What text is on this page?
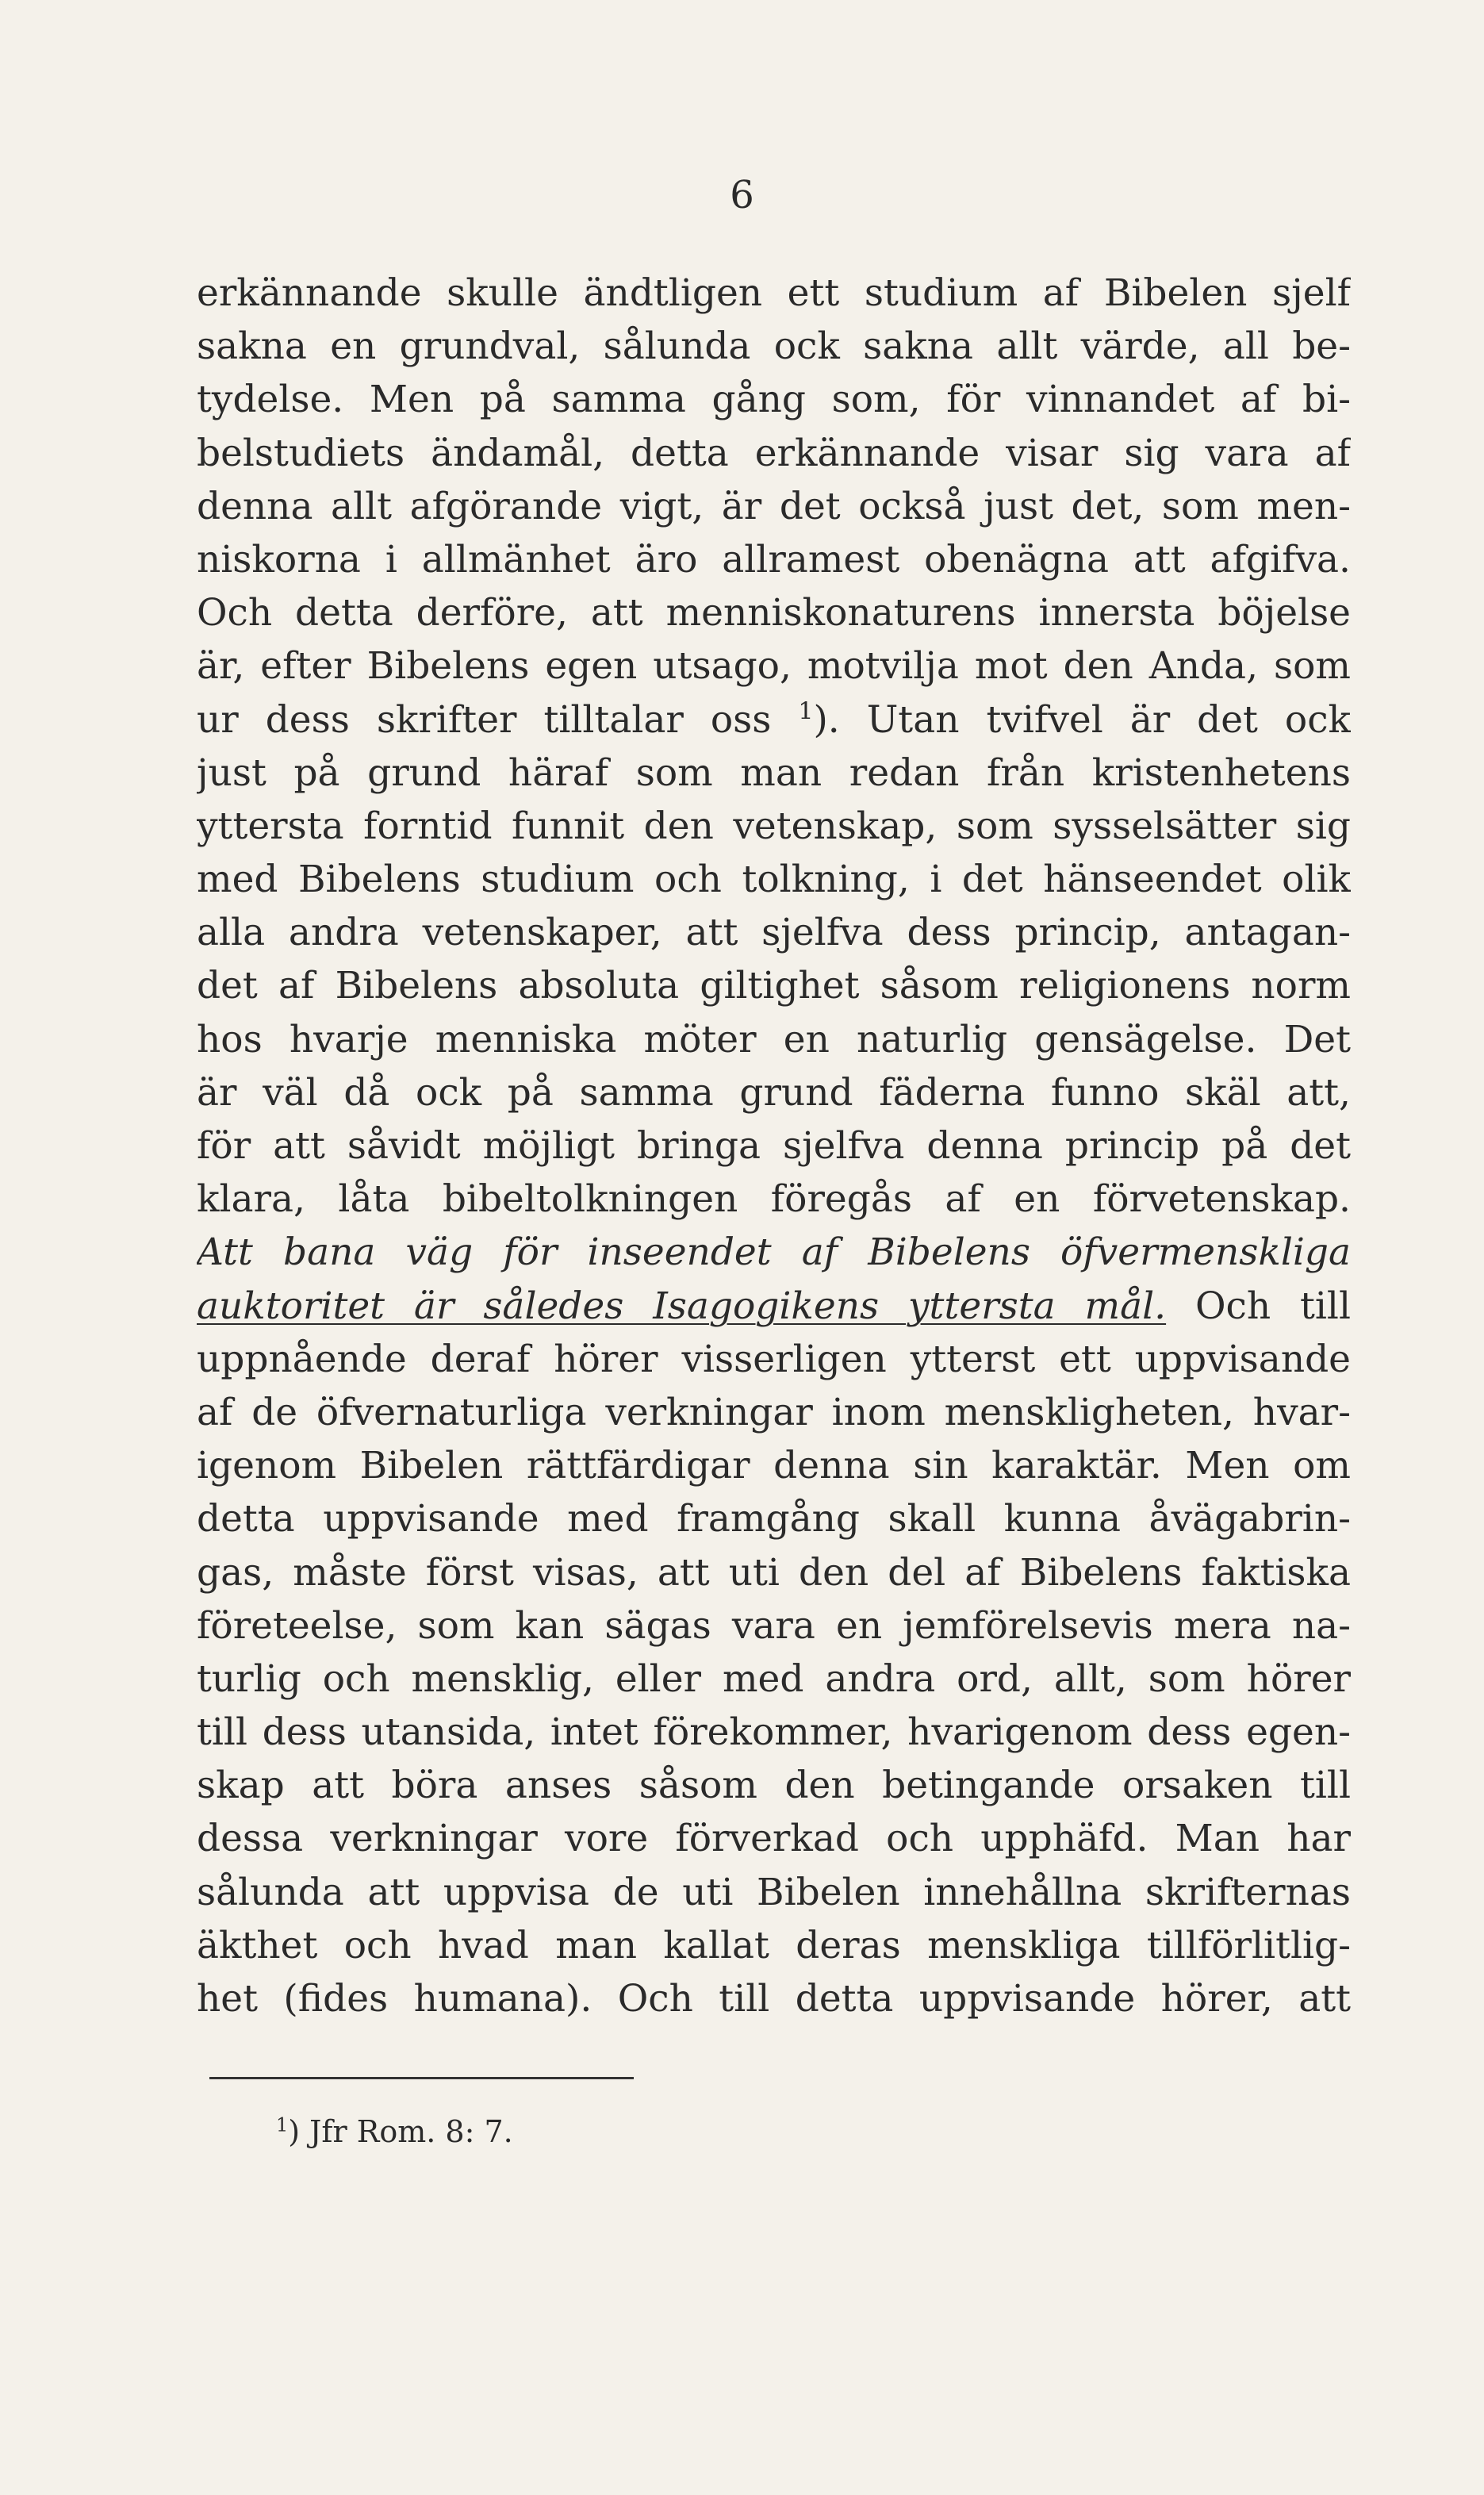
6
erkännande skulle ändtligen ett studium af Bibelen sjelf
sakna en grundval, sålunda ock sakna allt värde, all be-
tydelse. Men på samma gång som, för vinnandet af bi-
belstudiets ändamål, detta erkännande visar sig vara af
denna allt afgörande vigt, är det också just det, som men-
niskorna i allmänhet äro allramest obenägna att afgifva.
Och detta derföre, att menniskonaturens innersta böjelse
är, efter Bibelens egen utsago, motvilja mot den Anda, som
ur dess skrifter tilltalar oss $^1$). Utan tvifvel är det ock
just på grund häraf som man redan från kristenhetens
yttersta forntid funnit den vetenskap, som sysselsätter sig
med Bibelens studium och tolkning, i det hänseendet olik
alla andra vetenskaper, att sjelfva dess princip, antagan-
det af Bibelens absoluta giltighet såsom religionens norm
hos hvarje menniska möter en naturlig gensägelse. Det
är väl då ock på samma grund fäderna funno skäl att,
för att såvidt möjligt bringa sjelfva denna princip på det
klara, låta bibeltolkningen föregås af en förvetenskap.
Att bana väg för inseendet af Bibelens öfvermenskliga
auktoritet är således Isagogikens yttersta mål. Och till
uppnående deraf hörer visserligen ytterst ett uppvisande
af de öfvernaturliga verkningar inom menskligheten, hvar-
igenom Bibelen rättfärdigar denna sin karaktär. Men om
detta uppvisande med framgång skall kunna åvägabrin-
gas, måste först visas, att uti den del af Bibelens faktiska
företeelse, som kan sägas vara en jemförelsevis mera na-
turlig och mensklig, eller med andra ord, allt, som hörer
till dess utansida, intet förekommer, hvarigenom dess egen-
skap att böra anses såsom den betingande orsaken till
dessa verkningar vore förverkad och upphäfd. Man har
sålunda att uppvisa de uti Bibelen innehållna skrifternas
äkthet och hvad man kallat deras menskliga tillförlitlig-
het (fides humana). Och till detta uppvisande hörer, att
$^1$) Jfr Rom. 8: 7.
